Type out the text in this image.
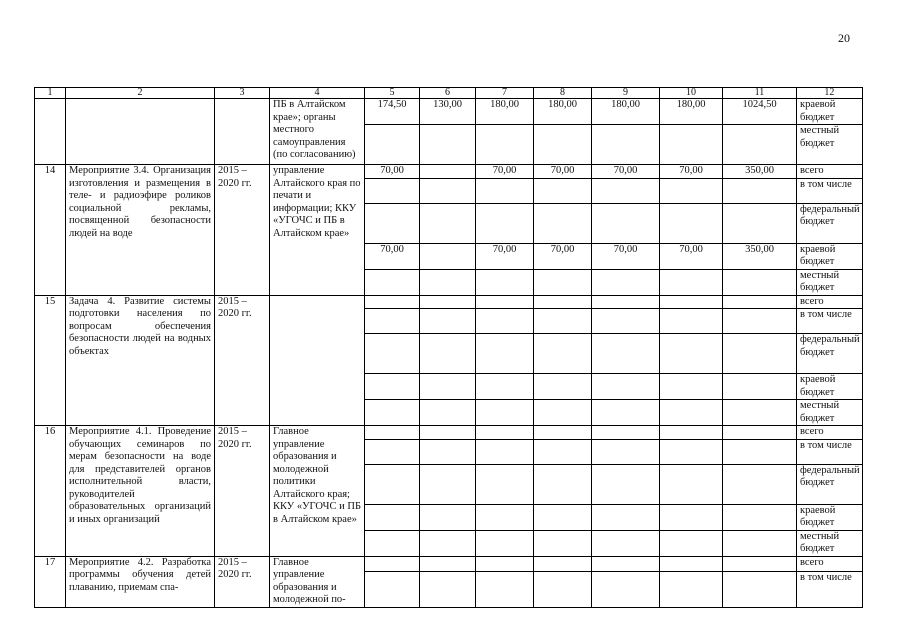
20
1	2	3	4	5	6	7	8	9	10	11	12
			ПБ в Алтайском крае»; органы местного самоуправления (по согласованию)	174,50	130,00	180,00	180,00	180,00	180,00	1024,50	краевой бюджет
											местный бюджет
14	Мероприятие 3.4. Организация изготовления и размещения в теле- и радиоэфире роликов социальной рекламы, посвященной безопасности людей на воде	2015 – 2020 гг.	управление Алтайского края по печати и информации; ККУ «УГОЧС и ПБ в Алтайском крае»	70,00		70,00	70,00	70,00	70,00	350,00	всего
											в том числе
											федеральный бюджет
				70,00		70,00	70,00	70,00	70,00	350,00	краевой бюджет
											местный бюджет
15	Задача 4. Развитие системы подготовки населения по вопросам обеспечения безопасности людей на водных объектах	2015 – 2020 гг.									всего
											в том числе
											федеральный бюджет
											краевой бюджет
											местный бюджет
16	Мероприятие 4.1. Проведение обучающих семинаров по мерам безопасности на воде для представителей органов исполнительной власти, руководителей образовательных организаций и иных организаций	2015 – 2020 гг.	Главное управление образования и молодежной политики Алтайского края; ККУ «УГОЧС и ПБ в Алтайском крае»								всего
											в том числе
											федеральный бюджет
											краевой бюджет
											местный бюджет
17	Мероприятие 4.2. Разработка программы обучения детей плаванию, приемам спа-	2015 – 2020 гг.	Главное управление образования и молодежной по-								всего
											в том числе
